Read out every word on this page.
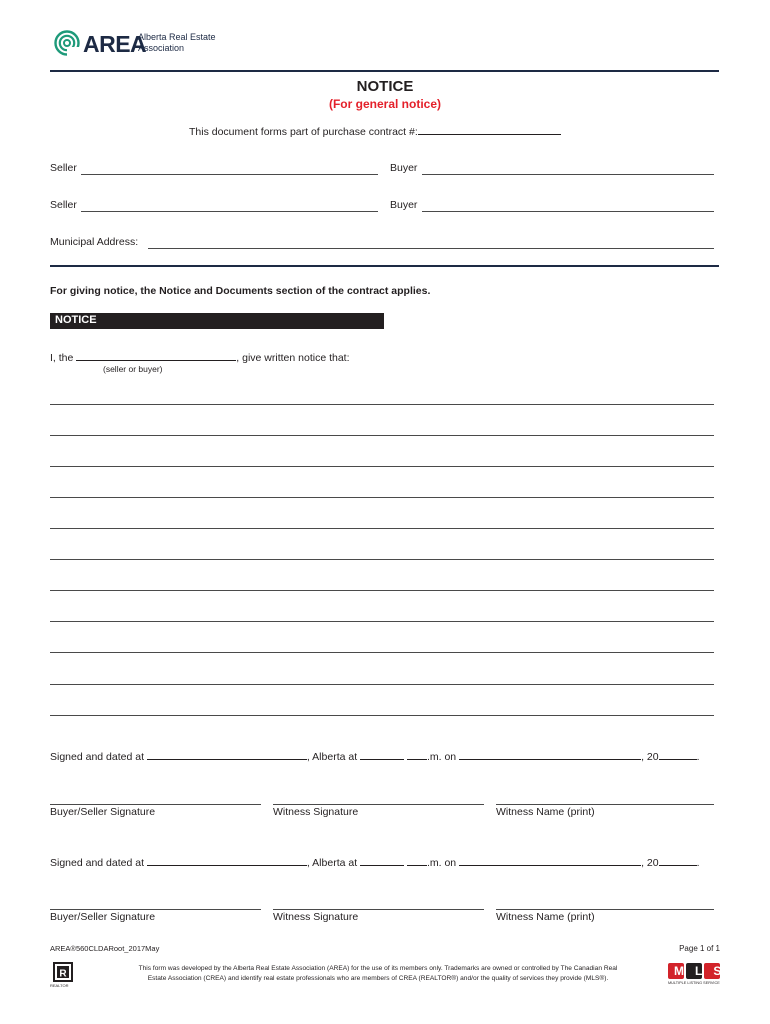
AREA
Alberta Real Estate
Association
NOTICE
(For general notice)
This document forms part of purchase contract #:
Seller	Buyer
Seller	Buyer
Municipal Address:
For giving notice, the Notice and Documents section of the contract applies.
NOTICE
I, the	, give written notice that:
(seller or buyer)
Signed and dated at	, Alberta at	.m. on	, 20	.
Buyer/Seller Signature	Witness Signature	Witness Name (print)
Signed and dated at	, Alberta at	.m. on	, 20	.
Buyer/Seller Signature	Witness Signature	Witness Name (print)
AREA®560CLDARoot_2017May	Page 1 of 1
R
REALTOR
This form was developed by the Alberta Real Estate Association (AREA) for the use of its members only. Trademarks are owned or controlled by The Canadian Real
Estate Association (CREA) and identify real estate professionals who are members of CREA (REALTOR®) and/or the quality of services they provide (MLS®).
MLS
MULTIPLE LISTING SERVICE
